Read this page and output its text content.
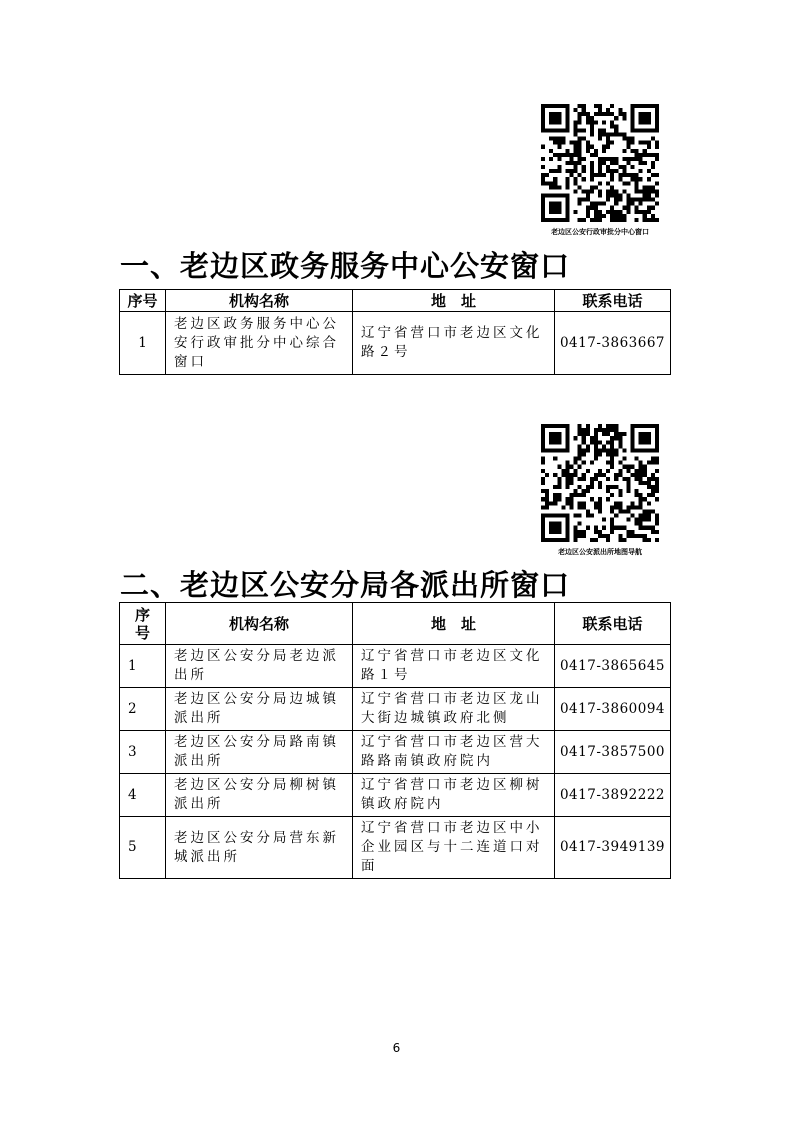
老边区公安行政审批分中心窗口
一、老边区政务服务中心公安窗口
序号	机构名称	地　址	联系电话
1	老边区政务服务中心公安行政审批分中心综合窗口	辽宁省营口市老边区文化路２号	0417-3863667
老边区公安派出所地图导航
二、老边区公安分局各派出所窗口
序号	机构名称	地　址	联系电话
1	老边区公安分局老边派出所	辽宁省营口市老边区文化路１号	0417-3865645
2	老边区公安分局边城镇派出所	辽宁省营口市老边区龙山大街边城镇政府北侧	0417-3860094
3	老边区公安分局路南镇派出所	辽宁省营口市老边区营大路路南镇政府院内	0417-3857500
4	老边区公安分局柳树镇派出所	辽宁省营口市老边区柳树镇政府院内	0417-3892222
5	老边区公安分局营东新城派出所	辽宁省营口市老边区中小企业园区与十二连道口对面	0417-3949139
6
